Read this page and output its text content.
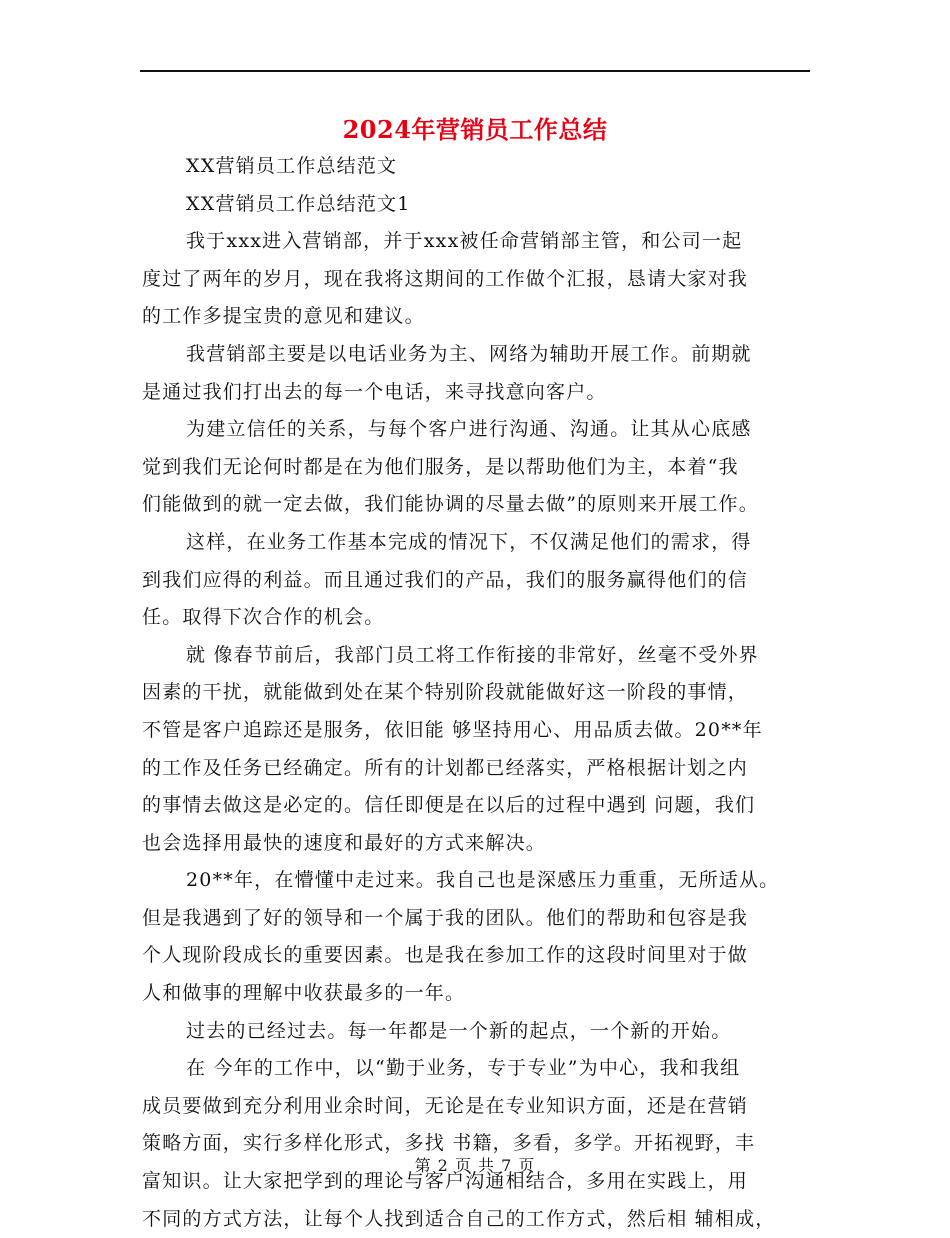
2024年营销员工作总结
XX营销员工作总结范文
XX营销员工作总结范文1
我于xxx进入营销部，并于xxx被任命营销部主管，和公司一起
度过了两年的岁月，现在我将这期间的工作做个汇报，恳请大家对我
的工作多提宝贵的意见和建议。
我营销部主要是以电话业务为主、网络为辅助开展工作。前期就
是通过我们打出去的每一个电话，来寻找意向客户。
为建立信任的关系，与每个客户进行沟通、沟通。让其从心底感
觉到我们无论何时都是在为他们服务，是以帮助他们为主，本着“我
们能做到的就一定去做，我们能协调的尽量去做”的原则来开展工作。
这样，在业务工作基本完成的情况下，不仅满足他们的需求，得
到我们应得的利益。而且通过我们的产品，我们的服务赢得他们的信
任。取得下次合作的机会。
就 像春节前后，我部门员工将工作衔接的非常好，丝毫不受外界
因素的干扰，就能做到处在某个特别阶段就能做好这一阶段的事情，
不管是客户追踪还是服务，依旧能 够坚持用心、用品质去做。20**年
的工作及任务已经确定。所有的计划都已经落实，严格根据计划之内
的事情去做这是必定的。信任即便是在以后的过程中遇到 问题，我们
也会选择用最快的速度和最好的方式来解决。
20**年，在懵懂中走过来。我自己也是深感压力重重，无所适从。
但是我遇到了好的领导和一个属于我的团队。他们的帮助和包容是我
个人现阶段成长的重要因素。也是我在参加工作的这段时间里对于做
人和做事的理解中收获最多的一年。
过去的已经过去。每一年都是一个新的起点，一个新的开始。
在 今年的工作中，以“勤于业务，专于专业”为中心，我和我组
成员要做到充分利用业余时间，无论是在专业知识方面，还是在营销
策略方面，实行多样化形式，多找 书籍，多看，多学。开拓视野，丰
富知识。让大家把学到的理论与客户沟通相结合，多用在实践上，用
不同的方式方法，让每个人找到适合自己的工作方式，然后相 辅相成，
第 2 页 共 7 页
